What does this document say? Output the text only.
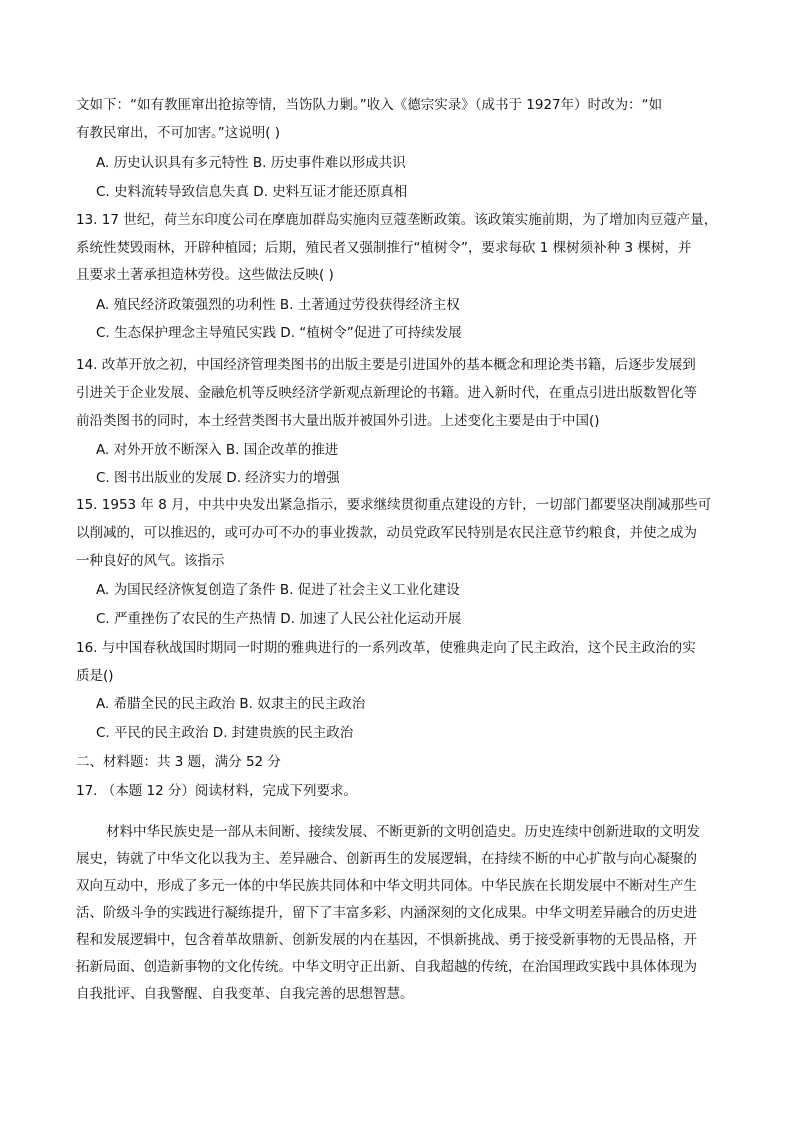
文如下：“如有教匪窜出抢掠等情，当饬队力剿。”收入《德宗实录》（成书于 1927年）时改为：“如
有教民窜出，不可加害。”这说明( )
A. 历史认识具有多元特性 B. 历史事件难以形成共识
C. 史料流转导致信息失真 D. 史料互证才能还原真相
13. 17 世纪，荷兰东印度公司在摩鹿加群岛实施肉豆蔻垄断政策。该政策实施前期，为了增加肉豆蔻产量，
系统性焚毁雨林，开辟种植园；后期，殖民者又强制推行“植树令”，要求每砍 1 棵树须补种 3 棵树，并
且要求土著承担造林劳役。这些做法反映( )
A. 殖民经济政策强烈的功利性 B. 土著通过劳役获得经济主权
C. 生态保护理念主导殖民实践 D. “植树令”促进了可持续发展
14. 改革开放之初，中国经济管理类图书的出版主要是引进国外的基本概念和理论类书籍，后逐步发展到
引进关于企业发展、金融危机等反映经济学新观点新理论的书籍。进入新时代，在重点引进出版数智化等
前沿类图书的同时，本土经营类图书大量出版并被国外引进。上述变化主要是由于中国()
A. 对外开放不断深入 B. 国企改革的推进
C. 图书出版业的发展 D. 经济实力的增强
15. 1953 年 8 月，中共中央发出紧急指示，要求继续贯彻重点建设的方针，一切部门都要坚决削减那些可
以削减的，可以推迟的，或可办可不办的事业拨款，动员党政军民特别是农民注意节约粮食，并使之成为
一种良好的风气。该指示
A. 为国民经济恢复创造了条件 B. 促进了社会主义工业化建设
C. 严重挫伤了农民的生产热情 D. 加速了人民公社化运动开展
16. 与中国春秋战国时期同一时期的雅典进行的一系列改革，使雅典走向了民主政治，这个民主政治的实
质是()
A. 希腊全民的民主政治 B. 奴隶主的民主政治
C. 平民的民主政治 D. 封建贵族的民主政治
二、材料题：共 3 题，满分 52 分
17. （本题 12 分）阅读材料，完成下列要求。
材料中华民族史是一部从未间断、接续发展、不断更新的文明创造史。历史连续中创新进取的文明发
展史，铸就了中华文化以我为主、差异融合、创新再生的发展逻辑，在持续不断的中心扩散与向心凝聚的
双向互动中，形成了多元一体的中华民族共同体和中华文明共同体。中华民族在长期发展中不断对生产生
活、阶级斗争的实践进行凝练提升，留下了丰富多彩、内涵深刻的文化成果。中华文明差异融合的历史进
程和发展逻辑中，包含着革故鼎新、创新发展的内在基因，不惧新挑战、勇于接受新事物的无畏品格，开
拓新局面、创造新事物的文化传统。中华文明守正出新、自我超越的传统，在治国理政实践中具体体现为
自我批评、自我警醒、自我变革、自我完善的思想智慧。
